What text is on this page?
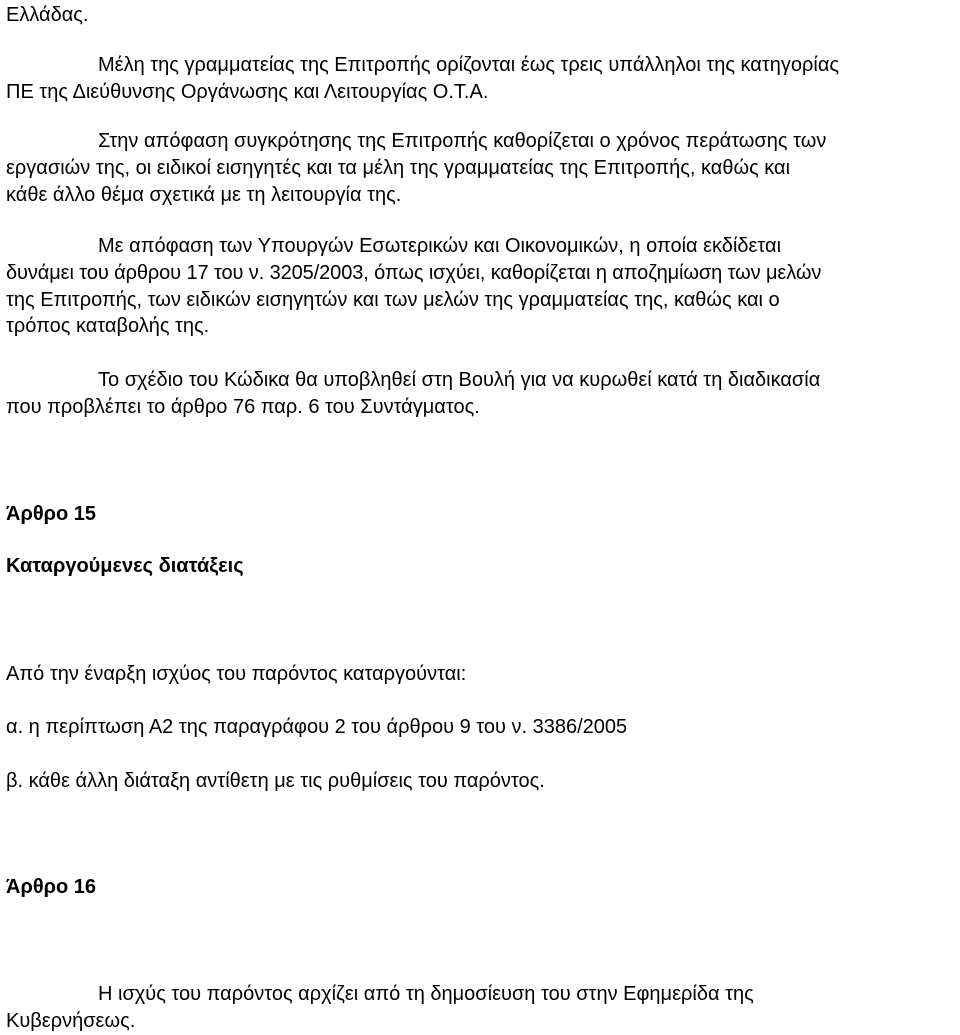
Ελλάδας.

Μέλη της γραμματείας της Επιτροπής ορίζονται έως τρεις υπάλληλοι της κατηγορίας
ΠΕ της Διεύθυνσης Οργάνωσης και Λειτουργίας Ο.Τ.Α.

Στην απόφαση συγκρότησης της Επιτροπής καθορίζεται ο χρόνος περάτωσης των
εργασιών της, οι ειδικοί εισηγητές και τα μέλη της γραμματείας της Επιτροπής, καθώς και
κάθε άλλο θέμα σχετικά με τη λειτουργία της.

Με απόφαση των Υπουργών Εσωτερικών και Οικονομικών, η οποία εκδίδεται
δυνάμει του άρθρου 17 του ν. 3205/2003, όπως ισχύει, καθορίζεται η αποζημίωση των μελών
της Επιτροπής, των ειδικών εισηγητών και των μελών της γραμματείας της, καθώς και ο
τρόπος καταβολής της.

Το σχέδιο του Κώδικα θα υποβληθεί στη Βουλή για να κυρωθεί κατά τη διαδικασία
που προβλέπει το άρθρο 76 παρ. 6 του Συντάγματος.

Άρθρο 15

Καταργούμενες διατάξεις

Από την έναρξη ισχύος του παρόντος καταργούνται:

α. η περίπτωση Α2 της παραγράφου 2 του άρθρου 9 του ν. 3386/2005

β. κάθε άλλη διάταξη αντίθετη με τις ρυθμίσεις του παρόντος.

Άρθρο 16

Η ισχύς του παρόντος αρχίζει από τη δημοσίευση του στην Εφημερίδα της
Κυβερνήσεως.
